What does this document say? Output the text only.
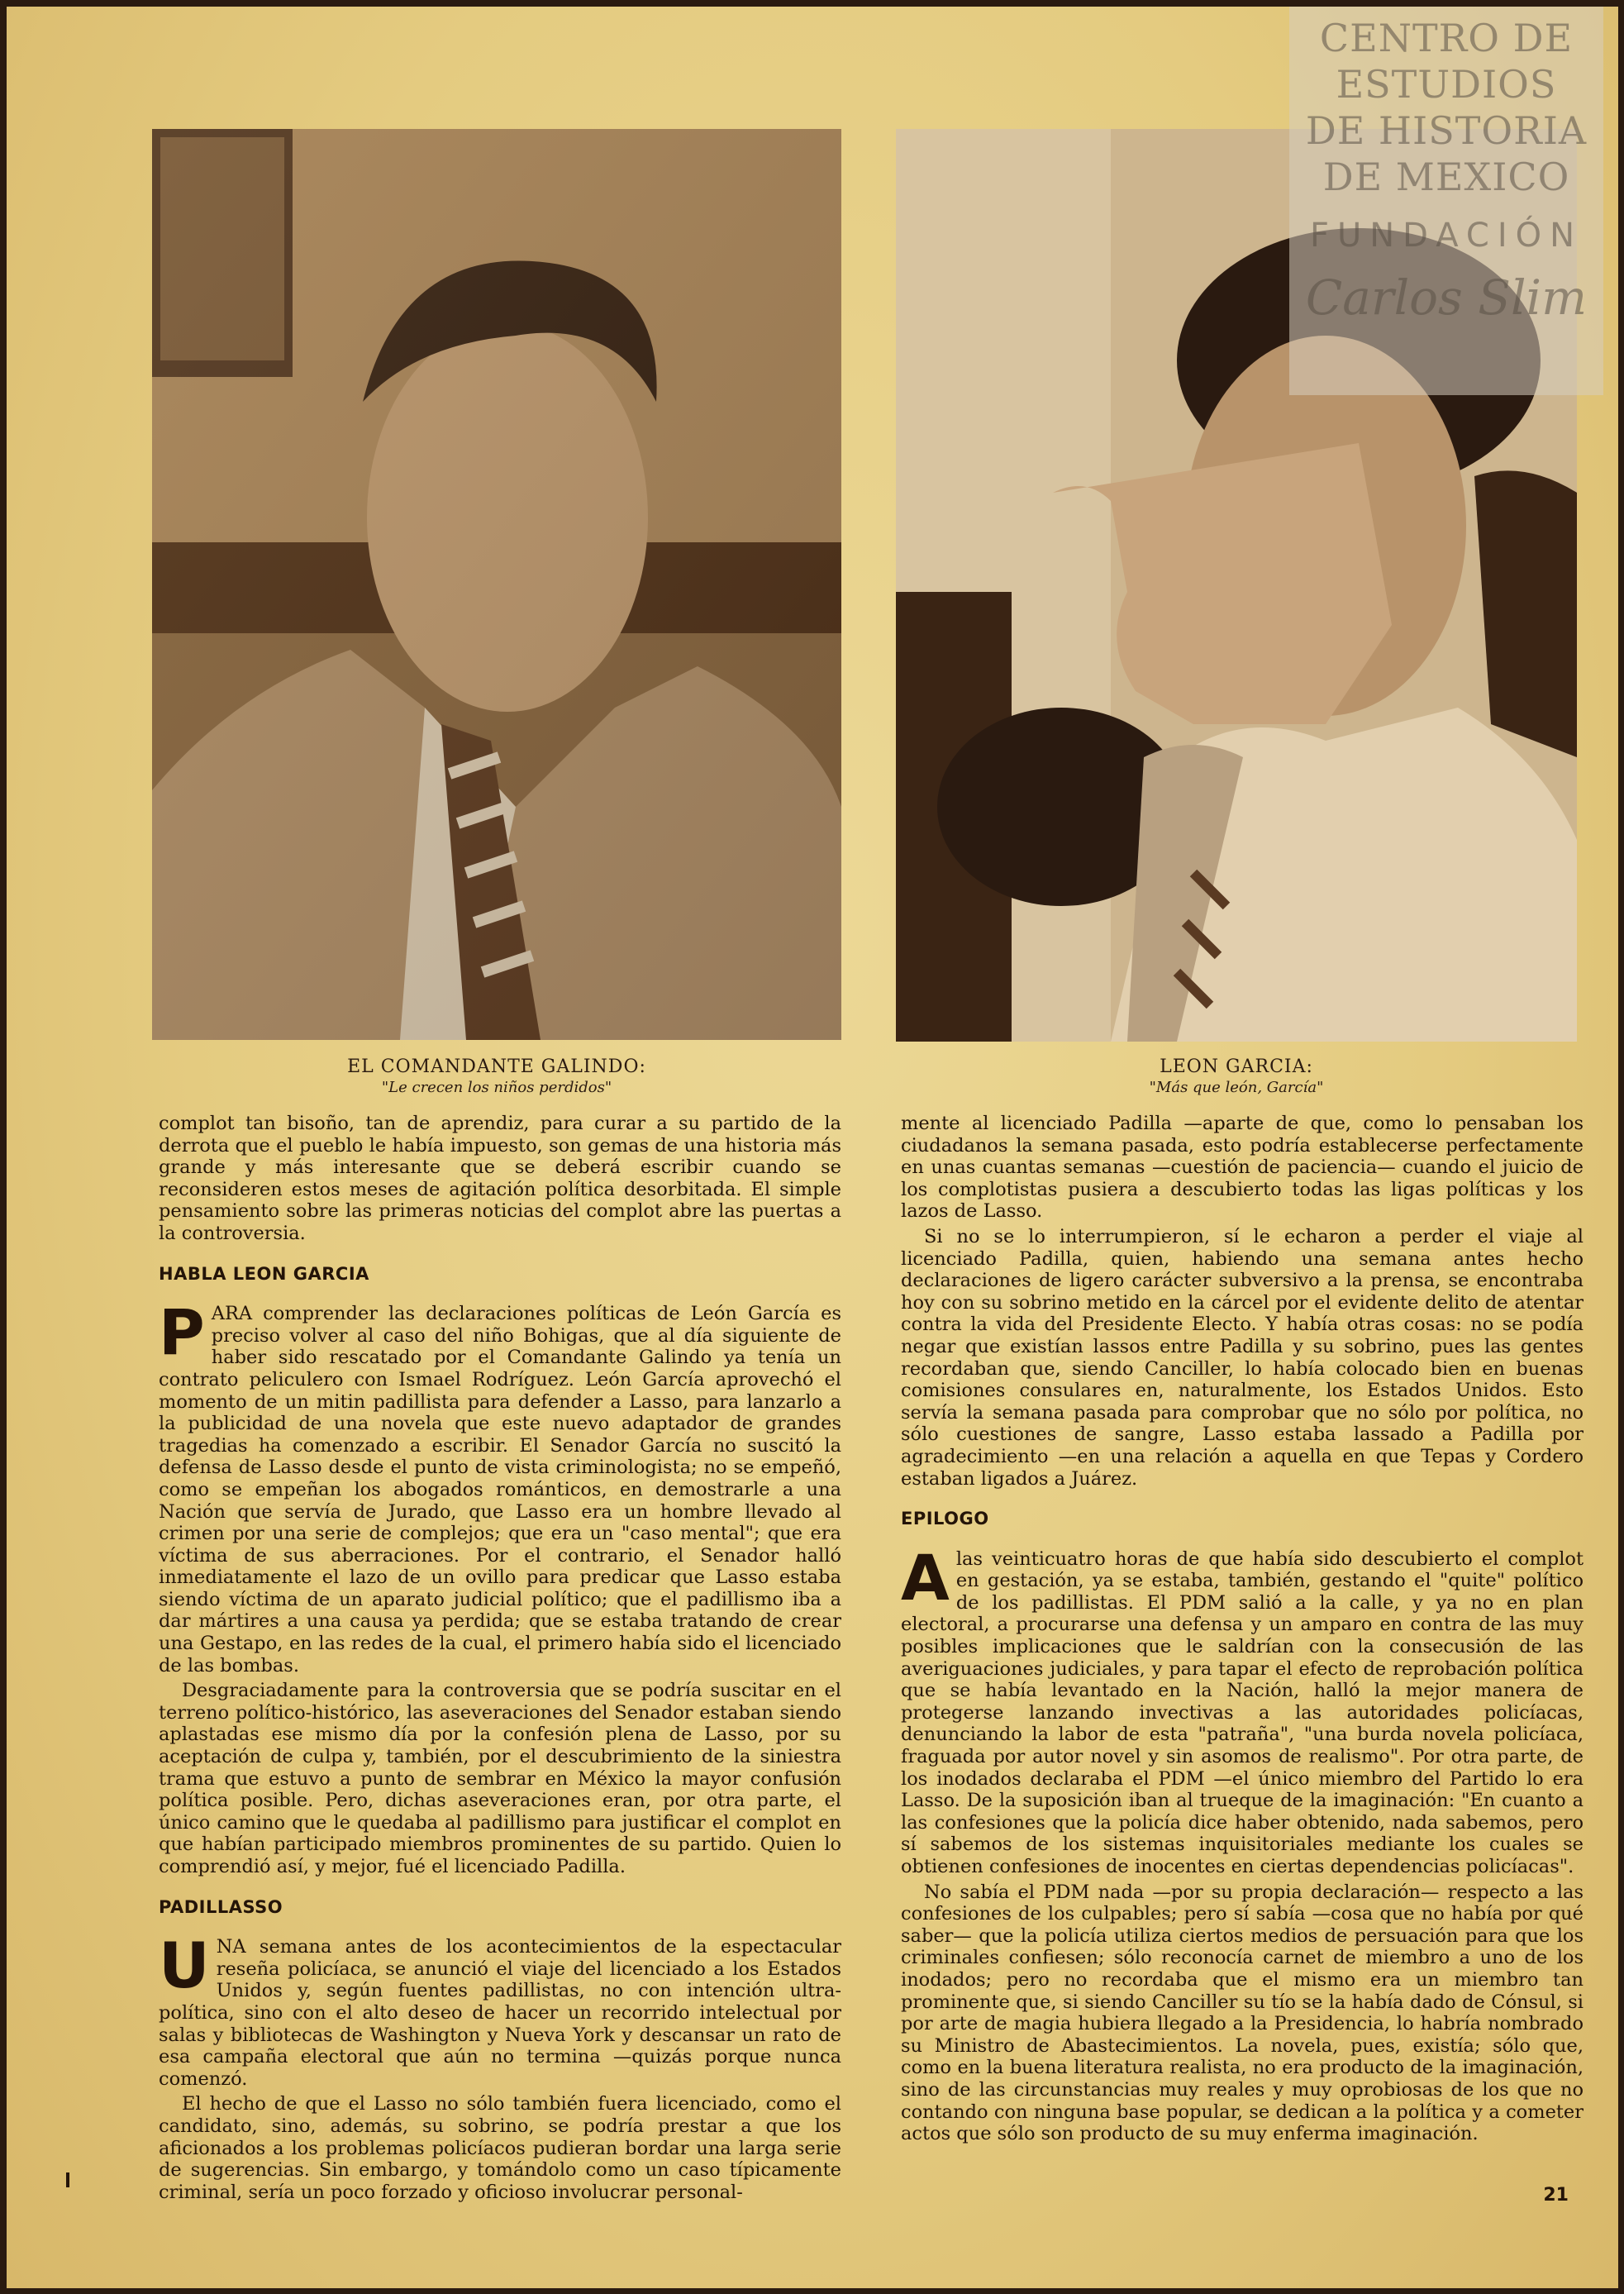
CENTRO DE
ESTUDIOS
DE HISTORIA
DE MEXICO
FUNDACIÓN
Carlos Slim
EL COMANDANTE GALINDO:
"Le crecen los niños perdidos"
LEON GARCIA:
"Más que león, García"

complot tan bisoño, tan de aprendiz, para curar a su partido de la derrota que el pueblo le había impuesto, son gemas de una historia más grande y más interesante que se deberá escribir cuando se reconsideren estos meses de agitación política desorbitada. El simple pensamiento sobre las primeras noticias del complot abre las puertas a la controversia.

HABLA LEON GARCIA

PARA comprender las declaraciones políticas de León García es preciso volver al caso del niño Bohigas, que al día siguiente de haber sido rescatado por el Comandante Galindo ya tenía un contrato peliculero con Ismael Rodríguez. León García aprovechó el momento de un mitin padillista para defender a Lasso, para lanzarlo a la publicidad de una novela que este nuevo adaptador de grandes tragedias ha comenzado a escribir. El Senador García no suscitó la defensa de Lasso desde el punto de vista criminologista; no se empeñó, como se empeñan los abogados románticos, en demostrarle a una Nación que servía de Jurado, que Lasso era un hombre llevado al crimen por una serie de complejos; que era un "caso mental"; que era víctima de sus aberraciones. Por el contrario, el Senador halló inmediatamente el lazo de un ovillo para predicar que Lasso estaba siendo víctima de un aparato judicial político; que el padillismo iba a dar mártires a una causa ya perdida; que se estaba tratando de crear una Gestapo, en las redes de la cual, el primero había sido el licenciado de las bombas.

Desgraciadamente para la controversia que se podría suscitar en el terreno político-histórico, las aseveraciones del Senador estaban siendo aplastadas ese mismo día por la confesión plena de Lasso, por su aceptación de culpa y, también, por el descubrimiento de la siniestra trama que estuvo a punto de sembrar en México la mayor confusión política posible. Pero, dichas aseveraciones eran, por otra parte, el único camino que le quedaba al padillismo para justificar el complot en que habían participado miembros prominentes de su partido. Quien lo comprendió así, y mejor, fué el licenciado Padilla.

PADILLASSO

UNA semana antes de los acontecimientos de la espectacular reseña policíaca, se anunció el viaje del licenciado a los Estados Unidos y, según fuentes padillistas, no con intención ultra-política, sino con el alto deseo de hacer un recorrido intelectual por salas y bibliotecas de Washington y Nueva York y descansar un rato de esa campaña electoral que aún no termina —quizás porque nunca comenzó.

El hecho de que el Lasso no sólo también fuera licenciado, como el candidato, sino, además, su sobrino, se podría prestar a que los aficionados a los problemas policíacos pudieran bordar una larga serie de sugerencias. Sin embargo, y tomándolo como un caso típicamente criminal, sería un poco forzado y oficioso involucrar personal-

mente al licenciado Padilla —aparte de que, como lo pensaban los ciudadanos la semana pasada, esto podría establecerse perfectamente en unas cuantas semanas —cuestión de paciencia— cuando el juicio de los complotistas pusiera a descubierto todas las ligas políticas y los lazos de Lasso.

Si no se lo interrumpieron, sí le echaron a perder el viaje al licenciado Padilla, quien, habiendo una semana antes hecho declaraciones de ligero carácter subversivo a la prensa, se encontraba hoy con su sobrino metido en la cárcel por el evidente delito de atentar contra la vida del Presidente Electo. Y había otras cosas: no se podía negar que existían lassos entre Padilla y su sobrino, pues las gentes recordaban que, siendo Canciller, lo había colocado bien en buenas comisiones consulares en, naturalmente, los Estados Unidos. Esto servía la semana pasada para comprobar que no sólo por política, no sólo cuestiones de sangre, Lasso estaba lassado a Padilla por agradecimiento —en una relación a aquella en que Tepas y Cordero estaban ligados a Juárez.

EPILOGO

Alas veinticuatro horas de que había sido descubierto el complot en gestación, ya se estaba, también, gestando el "quite" político de los padillistas. El PDM salió a la calle, y ya no en plan electoral, a procurarse una defensa y un amparo en contra de las muy posibles implicaciones que le saldrían con la consecusión de las averiguaciones judiciales, y para tapar el efecto de reprobación política que se había levantado en la Nación, halló la mejor manera de protegerse lanzando invectivas a las autoridades policíacas, denunciando la labor de esta "patraña", "una burda novela policíaca, fraguada por autor novel y sin asomos de realismo". Por otra parte, de los inodados declaraba el PDM —el único miembro del Partido lo era Lasso. De la suposición iban al trueque de la imaginación: "En cuanto a las confesiones que la policía dice haber obtenido, nada sabemos, pero sí sabemos de los sistemas inquisitoriales mediante los cuales se obtienen confesiones de inocentes en ciertas dependencias policíacas".

No sabía el PDM nada —por su propia declaración— respecto a las confesiones de los culpables; pero sí sabía —cosa que no había por qué saber— que la policía utiliza ciertos medios de persuación para que los criminales confiesen; sólo reconocía carnet de miembro a uno de los inodados; pero no recordaba que el mismo era un miembro tan prominente que, si siendo Canciller su tío se la había dado de Cónsul, si por arte de magia hubiera llegado a la Presidencia, lo habría nombrado su Ministro de Abastecimientos. La novela, pues, existía; sólo que, como en la buena literatura realista, no era producto de la imaginación, sino de las circunstancias muy reales y muy oprobiosas de los que no contando con ninguna base popular, se dedican a la política y a cometer actos que sólo son producto de su muy enferma imaginación.

21
